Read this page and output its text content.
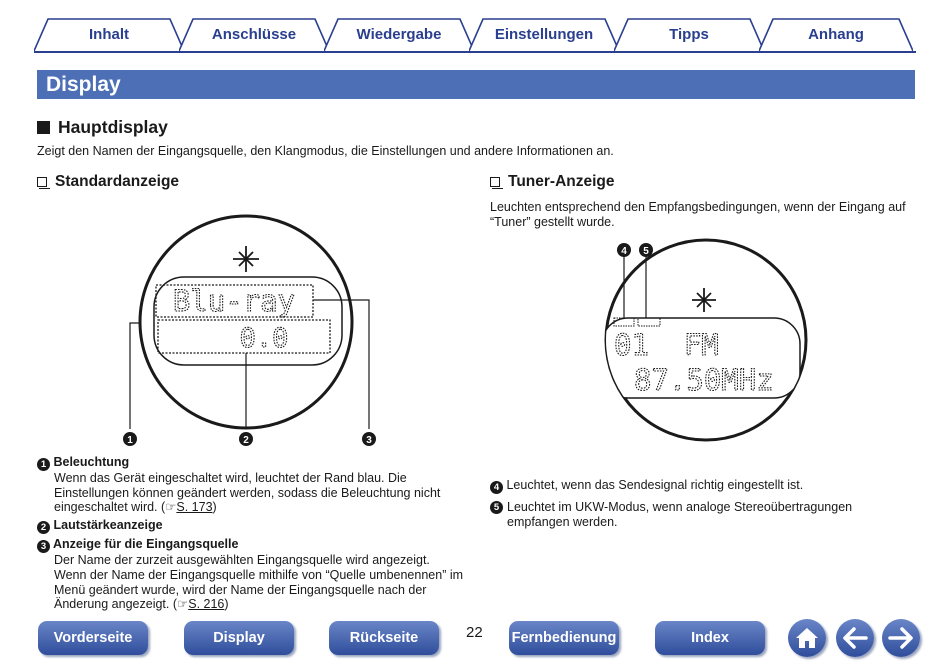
Inhalt	Anschlüsse	Wiedergabe	Einstellungen	Tipps	Anhang
Display
Hauptdisplay
Zeigt den Namen der Eingangsquelle, den Klangmodus, die Einstellungen und andere Informationen an.
Standardanzeige
Blu-ray
0.0
1	2	3
1 Beleuchtung
Wenn das Gerät eingeschaltet wird, leuchtet der Rand blau. Die Einstellungen können geändert werden, sodass die Beleuchtung nicht eingeschaltet wird. (☞S. 173)
2 Lautstärkeanzeige
3 Anzeige für die Eingangsquelle
Der Name der zurzeit ausgewählten Eingangsquelle wird angezeigt.
Wenn der Name der Eingangsquelle mithilfe von “Quelle umbenennen” im Menü geändert wurde, wird der Name der Eingangsquelle nach der Änderung angezeigt. (☞S. 216)
Tuner-Anzeige
Leuchten entsprechend den Empfangsbedingungen, wenn der Eingang auf “Tuner” gestellt wurde.
4 5
01  FM
87.50MHz
4 Leuchtet, wenn das Sendesignal richtig eingestellt ist.
5 Leuchtet im UKW-Modus, wenn analoge Stereoübertragungen empfangen werden.
Vorderseite	Display	Rückseite	22 Fernbedienung	Index
